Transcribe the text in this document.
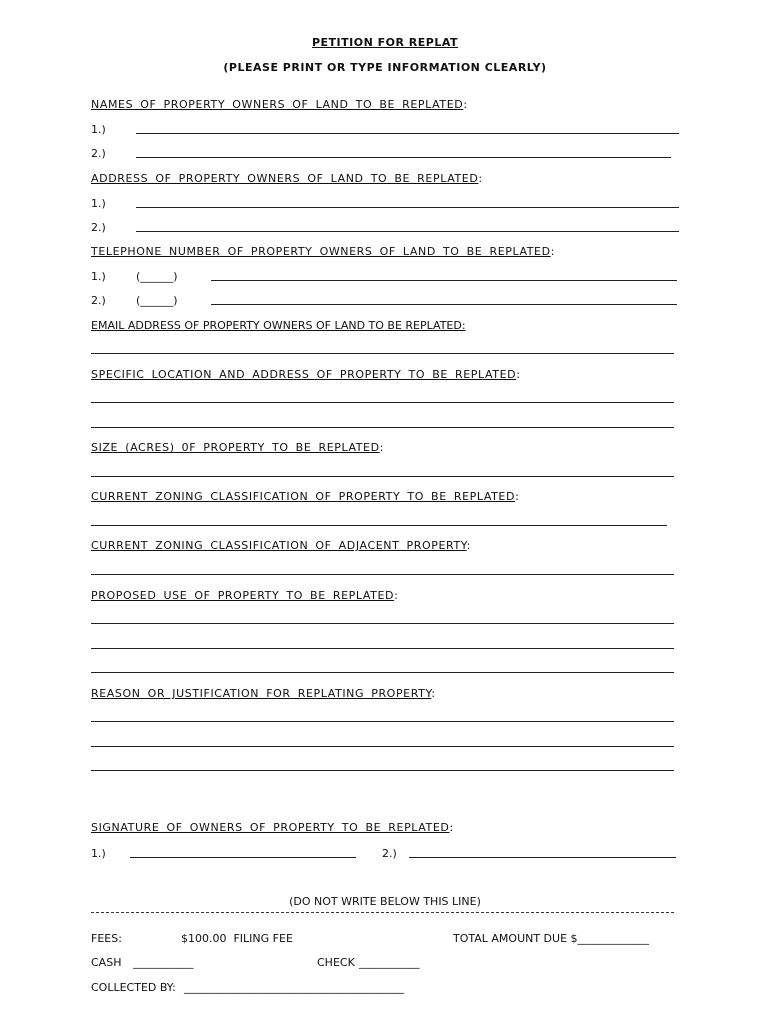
PETITION FOR REPLAT
(PLEASE PRINT OR TYPE INFORMATION CLEARLY)
NAMES OF PROPERTY OWNERS OF LAND TO BE REPLATED:
1.)
2.)
ADDRESS OF PROPERTY OWNERS OF LAND TO BE REPLATED:
1.)
2.)
TELEPHONE NUMBER OF PROPERTY OWNERS OF LAND TO BE REPLATED:
1.)	(______)
2.)	(______)
EMAIL ADDRESS OF PROPERTY OWNERS OF LAND TO BE REPLATED:
SPECIFIC LOCATION AND ADDRESS OF PROPERTY TO BE REPLATED:
SIZE (ACRES) 0F PROPERTY TO BE REPLATED:
CURRENT ZONING CLASSIFICATION OF PROPERTY TO BE REPLATED:
CURRENT ZONING CLASSIFICATION OF ADJACENT PROPERTY:
PROPOSED USE OF PROPERTY TO BE REPLATED:
REASON OR JUSTIFICATION FOR REPLATING PROPERTY:
SIGNATURE OF OWNERS OF PROPERTY TO BE REPLATED:
1.)	2.)
(DO NOT WRITE BELOW THIS LINE)
FEES:	$100.00  FILING FEE	TOTAL AMOUNT DUE $_____________
CASH ___________	CHECK ___________
COLLECTED BY: ________________________________________
